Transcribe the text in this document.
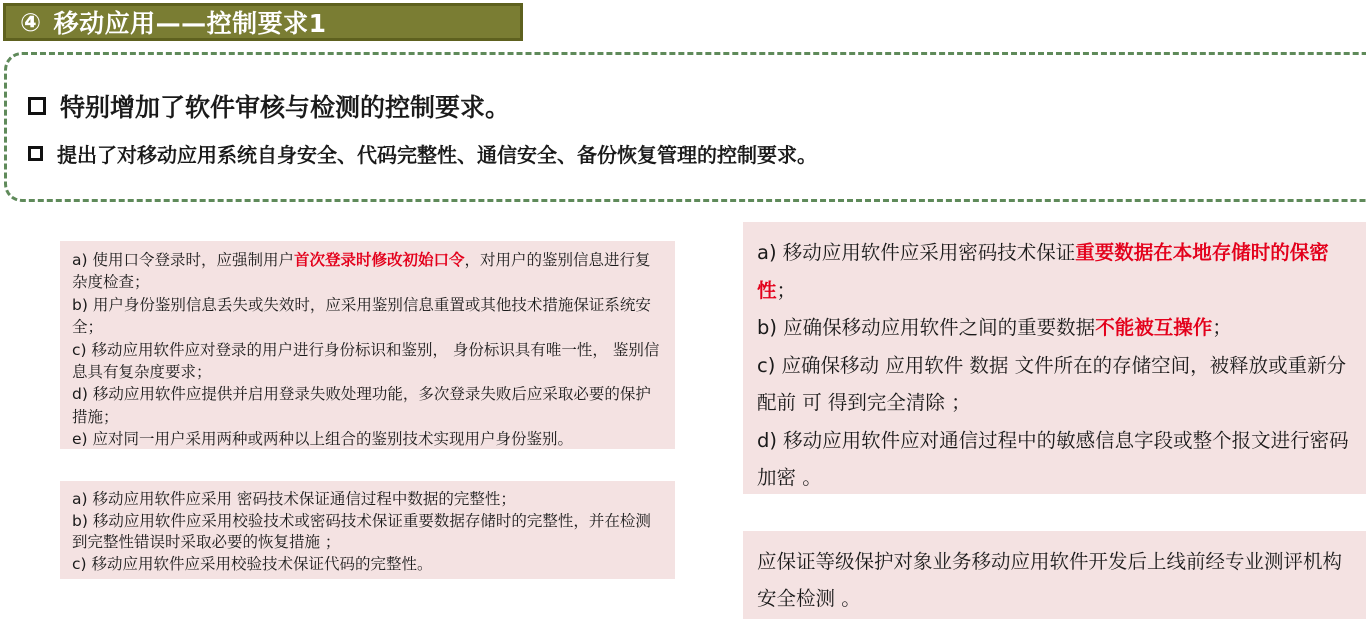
④ 移动应用——控制要求1
特别增加了软件审核与检测的控制要求。
提出了对移动应用系统自身安全、代码完整性、通信安全、备份恢复管理的控制要求。

a) 使用口令登录时，应强制用户首次登录时修改初始口令，对用户的鉴别信息进行复杂度检查；

b) 用户身份鉴别信息丢失或失效时，应采用鉴别信息重置或其他技术措施保证系统安全；

c) 移动应用软件应对登录的用户进行身份标识和鉴别， 身份标识具有唯一性， 鉴别信息具有复杂度要求；

d) 移动应用软件应提供并启用登录失败处理功能，多次登录失败后应采取必要的保护措施；

e) 应对同一用户采用两种或两种以上组合的鉴别技术实现用户身份鉴别。

a) 移动应用软件应采用 密码技术保证通信过程中数据的完整性；

b) 移动应用软件应采用校验技术或密码技术保证重要数据存储时的完整性，并在检测到完整性错误时采取必要的恢复措施 ；

c) 移动应用软件应采用校验技术保证代码的完整性。

a) 移动应用软件应采用密码技术保证重要数据在本地存储时的保密性；

b) 应确保移动应用软件之间的重要数据不能被互操作；

c) 应确保移动 应用软件 数据 文件所在的存储空间，被释放或重新分配前 可 得到完全清除 ；

d) 移动应用软件应对通信过程中的敏感信息字段或整个报文进行密码加密 。

应保证等级保护对象业务移动应用软件开发后上线前经专业测评机构安全检测 。
